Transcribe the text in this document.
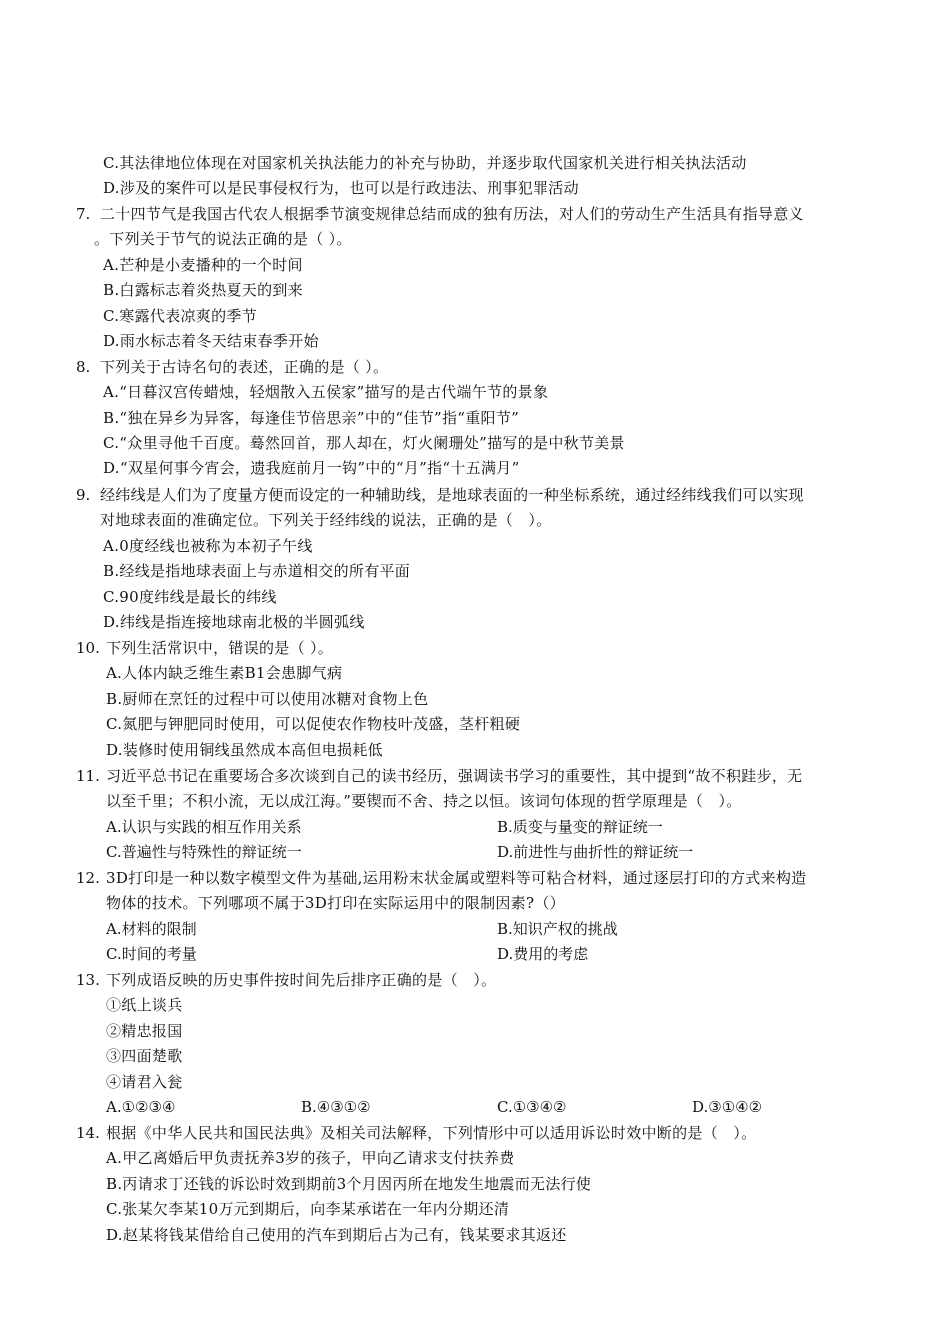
C.其法律地位体现在对国家机关执法能力的补充与协助，并逐步取代国家机关进行相关执法活动
D.涉及的案件可以是民事侵权行为，也可以是行政违法、刑事犯罪活动
7. 二十四节气是我国古代农人根据季节演变规律总结而成的独有历法，对人们的劳动生产生活具有指导意义
。下列关于节气的说法正确的是（ ）。
A.芒种是小麦播种的一个时间
B.白露标志着炎热夏天的到来
C.寒露代表凉爽的季节
D.雨水标志着冬天结束春季开始
8. 下列关于古诗名句的表述，正确的是（ ）。
A.“日暮汉宫传蜡烛，轻烟散入五侯家”描写的是古代端午节的景象
B.“独在异乡为异客，每逢佳节倍思亲”中的“佳节”指“重阳节”
C.“众里寻他千百度。蓦然回首，那人却在，灯火阑珊处”描写的是中秋节美景
D.“双星何事今宵会，遗我庭前月一钩”中的“月”指“十五满月”
9. 经纬线是人们为了度量方便而设定的一种辅助线，是地球表面的一种坐标系统，通过经纬线我们可以实现
对地球表面的准确定位。下列关于经纬线的说法，正确的是（　）。
A.0度经线也被称为本初子午线
B.经线是指地球表面上与赤道相交的所有平面
C.90度纬线是最长的纬线
D.纬线是指连接地球南北极的半圆弧线
10. 下列生活常识中，错误的是（ ）。
A.人体内缺乏维生素B1会患脚气病
B.厨师在烹饪的过程中可以使用冰糖对食物上色
C.氮肥与钾肥同时使用，可以促使农作物枝叶茂盛，茎杆粗硬
D.装修时使用铜线虽然成本高但电损耗低
11. 习近平总书记在重要场合多次谈到自己的读书经历，强调读书学习的重要性，其中提到“故不积跬步，无
以至千里；不积小流，无以成江海。”要锲而不舍、持之以恒。该词句体现的哲学原理是（　）。
A.认识与实践的相互作用关系	B.质变与量变的辩证统一
C.普遍性与特殊性的辩证统一	D.前进性与曲折性的辩证统一
12. 3D打印是一种以数字模型文件为基础,运用粉末状金属或塑料等可粘合材料，通过逐层打印的方式来构造
物体的技术。下列哪项不属于3D打印在实际运用中的限制因素?（）
A.材料的限制	B.知识产权的挑战
C.时间的考量	D.费用的考虑
13. 下列成语反映的历史事件按时间先后排序正确的是（　）。
①纸上谈兵
②精忠报国
③四面楚歌
④请君入瓮
A.①②③④	B.④③①②	C.①③④②	D.③①④②
14. 根据《中华人民共和国民法典》及相关司法解释，下列情形中可以适用诉讼时效中断的是（　）。
A.甲乙离婚后甲负责抚养3岁的孩子，甲向乙请求支付扶养费
B.丙请求丁还钱的诉讼时效到期前3个月因丙所在地发生地震而无法行使
C.张某欠李某10万元到期后，向李某承诺在一年内分期还清
D.赵某将钱某借给自己使用的汽车到期后占为己有，钱某要求其返还
